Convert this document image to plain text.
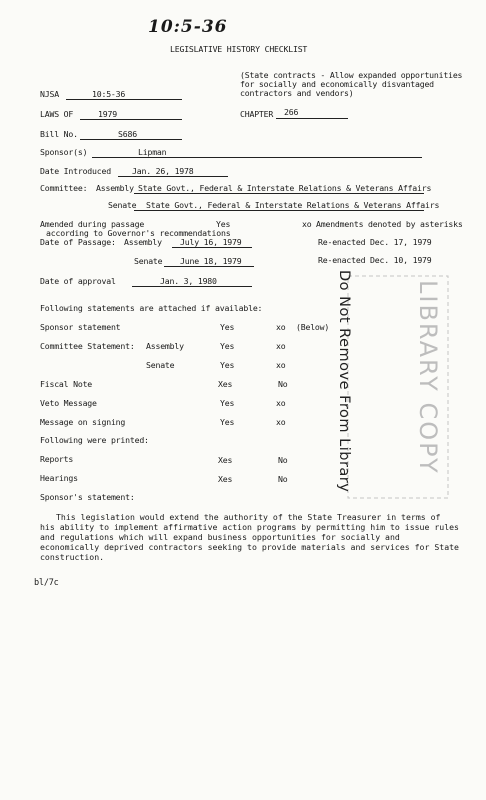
10:5-36
LEGISLATIVE HISTORY CHECKLIST
(State contracts - Allow expanded opportunities
for socially and economically disvantaged
contractors and vendors)
NJSA	10:5-36
LAWS OF	1979	CHAPTER 266
Bill No.	S686
Sponsor(s)	Lipman
Date Introduced	Jan. 26, 1978
Committee: Assembly State Govt., Federal & Interstate Relations & Veterans Affairs
Senate State Govt., Federal & Interstate Relations & Veterans Affairs
Amended during passage	Yes	xo Amendments denoted by asterisks
according to Governor's recommendations
Date of Passage: Assembly July 16, 1979	Re-enacted Dec. 17, 1979
Senate June 18, 1979	Re-enacted Dec. 10, 1979
Date of approval	Jan. 3, 1980
Following statements are attached if available:
Sponsor statement	Yes	xo (Below)
Committee Statement: Assembly	Yes	xo
Senate	Yes	xo
Fiscal Note	Xes	No
Veto Message	Yes	xo
Message on signing	Yes	xo
Following were printed:
Reports	Xes	No
Hearings	Xes	No
Sponsor's statement:

This legislation would extend the authority of the State Treasurer in terms of his ability to implement affirmative action programs by permitting him to issue rules and regulations which will expand business opportunities for socially and economically deprived contractors seeking to provide materials and services for State construction.

bl/7c
Do Not Remove From Library	LIBRARY COPY
